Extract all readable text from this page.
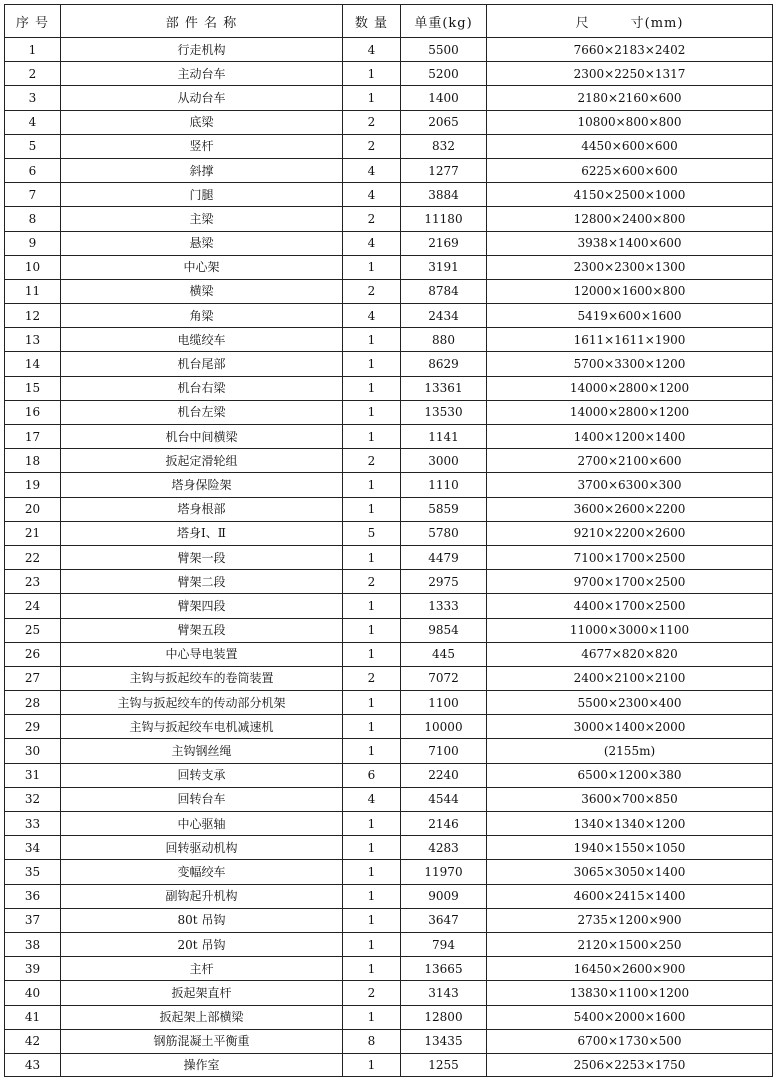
序 号	部 件 名 称	数 量	单重(kg)	尺        寸(mm)
1	行走机构	4	5500	7660×2183×2402
2	主动台车	1	5200	2300×2250×1317
3	从动台车	1	1400	2180×2160×600
4	底梁	2	2065	10800×800×800
5	竖杆	2	832	4450×600×600
6	斜撑	4	1277	6225×600×600
7	门腿	4	3884	4150×2500×1000
8	主梁	2	11180	12800×2400×800
9	悬梁	4	2169	3938×1400×600
10	中心架	1	3191	2300×2300×1300
11	横梁	2	8784	12000×1600×800
12	角梁	4	2434	5419×600×1600
13	电缆绞车	1	880	1611×1611×1900
14	机台尾部	1	8629	5700×3300×1200
15	机台右梁	1	13361	14000×2800×1200
16	机台左梁	1	13530	14000×2800×1200
17	机台中间横梁	1	1141	1400×1200×1400
18	扳起定滑轮组	2	3000	2700×2100×600
19	塔身保险架	1	1110	3700×6300×300
20	塔身根部	1	5859	3600×2600×2200
21	塔身Ⅰ、Ⅱ	5	5780	9210×2200×2600
22	臂架一段	1	4479	7100×1700×2500
23	臂架二段	2	2975	9700×1700×2500
24	臂架四段	1	1333	4400×1700×2500
25	臂架五段	1	9854	11000×3000×1100
26	中心导电装置	1	445	4677×820×820
27	主钩与扳起绞车的卷筒装置	2	7072	2400×2100×2100
28	主钩与扳起绞车的传动部分机架	1	1100	5500×2300×400
29	主钩与扳起绞车电机减速机	1	10000	3000×1400×2000
30	主钩钢丝绳	1	7100	(2155m)
31	回转支承	6	2240	6500×1200×380
32	回转台车	4	4544	3600×700×850
33	中心驱轴	1	2146	1340×1340×1200
34	回转驱动机构	1	4283	1940×1550×1050
35	变幅绞车	1	11970	3065×3050×1400
36	副钩起升机构	1	9009	4600×2415×1400
37	80t 吊钩	1	3647	2735×1200×900
38	20t 吊钩	1	794	2120×1500×250
39	主杆	1	13665	16450×2600×900
40	扳起架直杆	2	3143	13830×1100×1200
41	扳起架上部横梁	1	12800	5400×2000×1600
42	钢筋混凝土平衡重	8	13435	6700×1730×500
43	操作室	1	1255	2506×2253×1750
